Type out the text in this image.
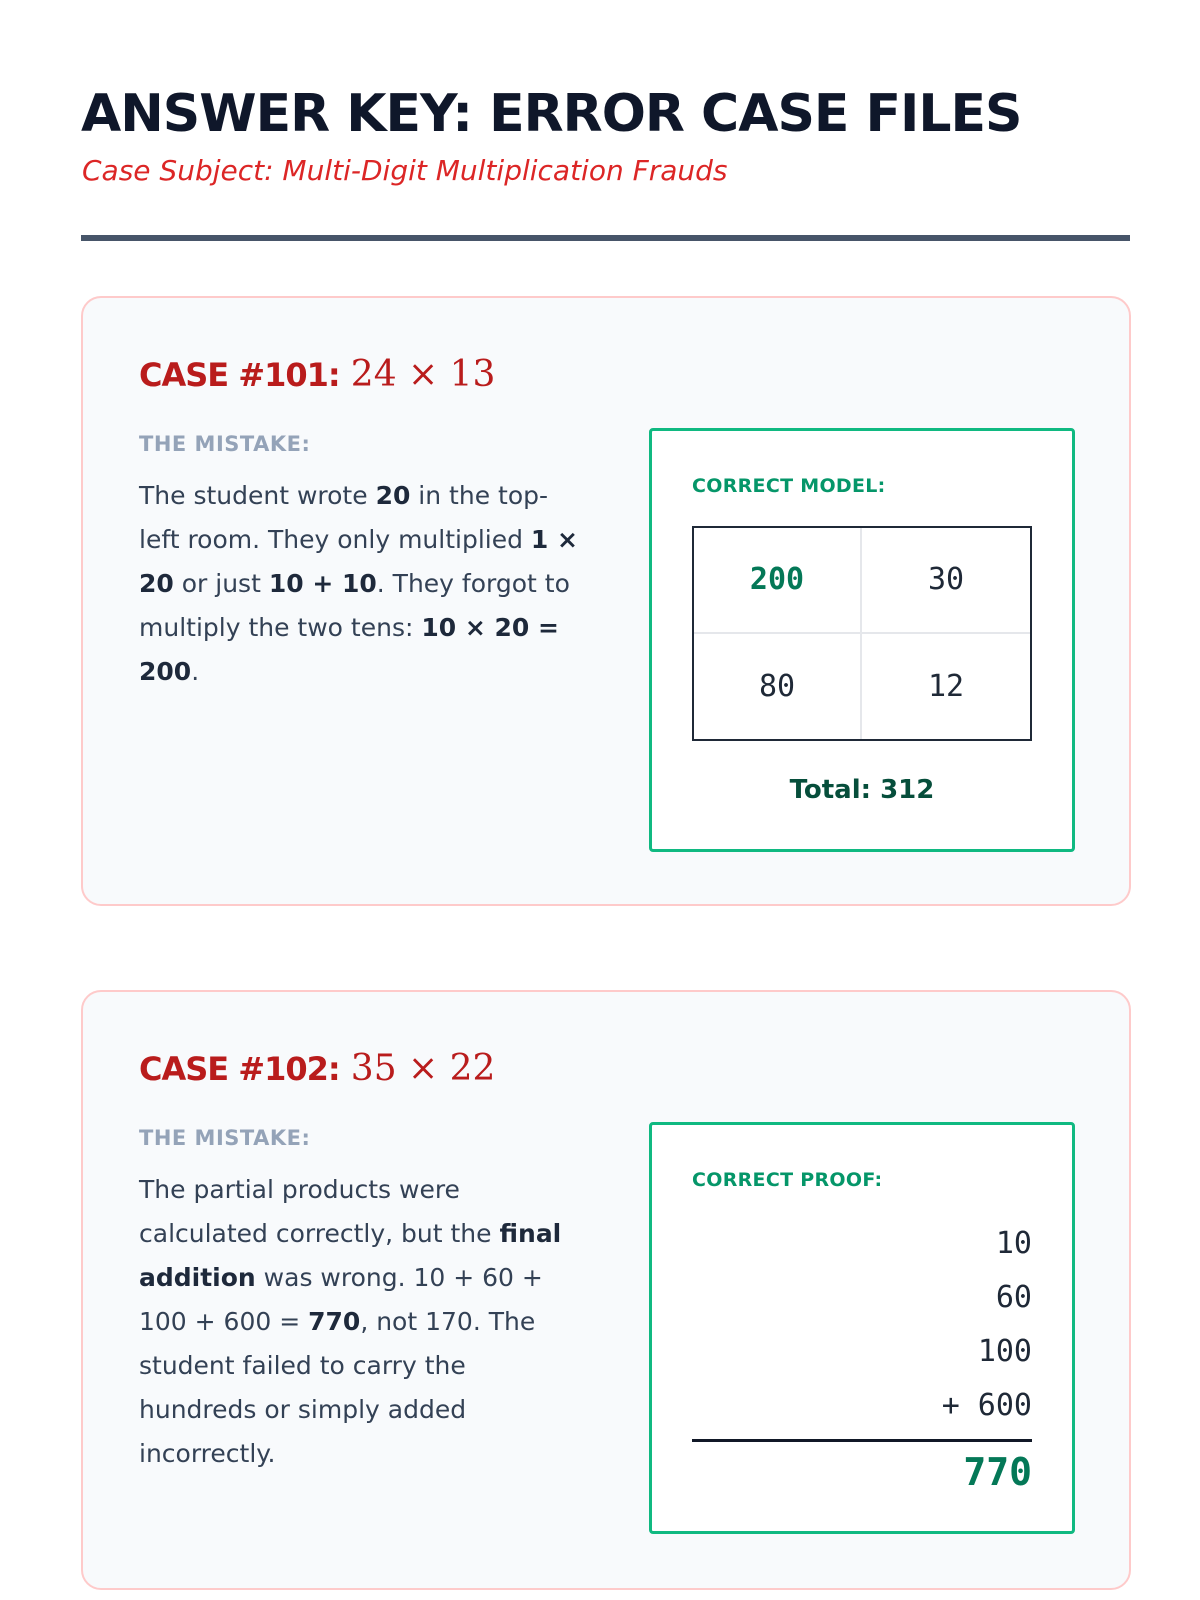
ANSWER KEY: ERROR CASE FILES
Case Subject: Multi-Digit Multiplication Frauds
CASE #101: 24 × 13
THE MISTAKE:

The student wrote 20 in the top-left room. They only multiplied 1 × 20 or just 10 + 10. They forgot to multiply the two tens: 10 × 20 = 200.

CORRECT MODEL:
200	30
80	12
Total: 312
CASE #102: 35 × 22
THE MISTAKE:

The partial products were calculated correctly, but the final addition was wrong. 10 + 60 + 100 + 600 = 770, not 170. The student failed to carry the hundreds or simply added incorrectly.

CORRECT PROOF:
10
60
100
+ 600
770
